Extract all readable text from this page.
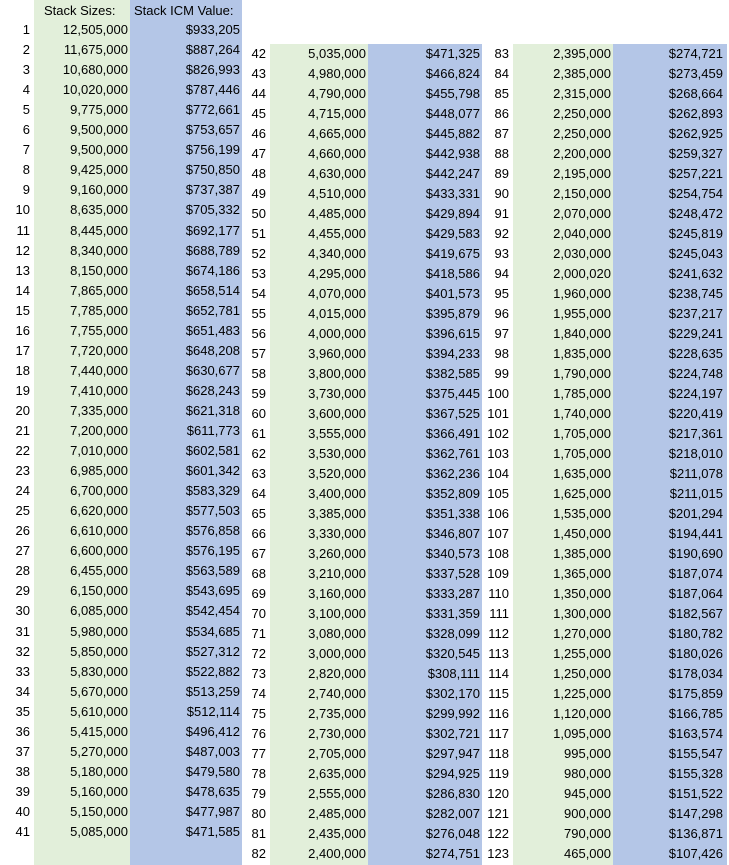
Stack Sizes: Stack ICM Value:
1	12,505,000	$933,205
2	11,675,000	$887,264
3	10,680,000	$826,993
4	10,020,000	$787,446
5	9,775,000	$772,661
6	9,500,000	$753,657
7	9,500,000	$756,199
8	9,425,000	$750,850
9	9,160,000	$737,387
10	8,635,000	$705,332
11	8,445,000	$692,177
12	8,340,000	$688,789
13	8,150,000	$674,186
14	7,865,000	$658,514
15	7,785,000	$652,781
16	7,755,000	$651,483
17	7,720,000	$648,208
18	7,440,000	$630,677
19	7,410,000	$628,243
20	7,335,000	$621,318
21	7,200,000	$611,773
22	7,010,000	$602,581
23	6,985,000	$601,342
24	6,700,000	$583,329
25	6,620,000	$577,503
26	6,610,000	$576,858
27	6,600,000	$576,195
28	6,455,000	$563,589
29	6,150,000	$543,695
30	6,085,000	$542,454
31	5,980,000	$534,685
32	5,850,000	$527,312
33	5,830,000	$522,882
34	5,670,000	$513,259
35	5,610,000	$512,114
36	5,415,000	$496,412
37	5,270,000	$487,003
38	5,180,000	$479,580
39	5,160,000	$478,635
40	5,150,000	$477,987
41	5,085,000	$471,585
42	5,035,000	$471,325
43	4,980,000	$466,824
44	4,790,000	$455,798
45	4,715,000	$448,077
46	4,665,000	$445,882
47	4,660,000	$442,938
48	4,630,000	$442,247
49	4,510,000	$433,331
50	4,485,000	$429,894
51	4,455,000	$429,583
52	4,340,000	$419,675
53	4,295,000	$418,586
54	4,070,000	$401,573
55	4,015,000	$395,879
56	4,000,000	$396,615
57	3,960,000	$394,233
58	3,800,000	$382,585
59	3,730,000	$375,445
60	3,600,000	$367,525
61	3,555,000	$366,491
62	3,530,000	$362,761
63	3,520,000	$362,236
64	3,400,000	$352,809
65	3,385,000	$351,338
66	3,330,000	$346,807
67	3,260,000	$340,573
68	3,210,000	$337,528
69	3,160,000	$333,287
70	3,100,000	$331,359
71	3,080,000	$328,099
72	3,000,000	$320,545
73	2,820,000	$308,111
74	2,740,000	$302,170
75	2,735,000	$299,992
76	2,730,000	$302,721
77	2,705,000	$297,947
78	2,635,000	$294,925
79	2,555,000	$286,830
80	2,485,000	$282,007
81	2,435,000	$276,048
82	2,400,000	$274,751
83	2,395,000	$274,721
84	2,385,000	$273,459
85	2,315,000	$268,664
86	2,250,000	$262,893
87	2,250,000	$262,925
88	2,200,000	$259,327
89	2,195,000	$257,221
90	2,150,000	$254,754
91	2,070,000	$248,472
92	2,040,000	$245,819
93	2,030,000	$245,043
94	2,000,020	$241,632
95	1,960,000	$238,745
96	1,955,000	$237,217
97	1,840,000	$229,241
98	1,835,000	$228,635
99	1,790,000	$224,748
100	1,785,000	$224,197
101	1,740,000	$220,419
102	1,705,000	$217,361
103	1,705,000	$218,010
104	1,635,000	$211,078
105	1,625,000	$211,015
106	1,535,000	$201,294
107	1,450,000	$194,441
108	1,385,000	$190,690
109	1,365,000	$187,074
110	1,350,000	$187,064
111	1,300,000	$182,567
112	1,270,000	$180,782
113	1,255,000	$180,026
114	1,250,000	$178,034
115	1,225,000	$175,859
116	1,120,000	$166,785
117	1,095,000	$163,574
118	995,000	$155,547
119	980,000	$155,328
120	945,000	$151,522
121	900,000	$147,298
122	790,000	$136,871
123	465,000	$107,426
